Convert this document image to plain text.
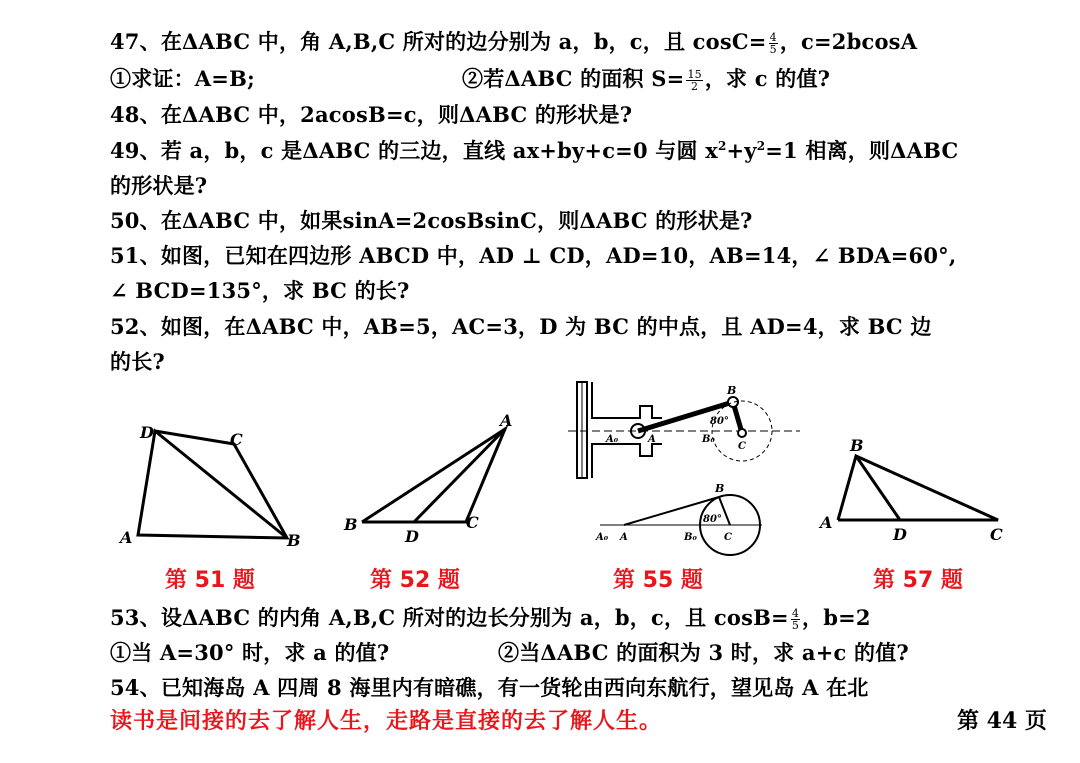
47、在ΔABC 中，角 A,B,C 所对的边分别为 a，b，c，且 $\cos C= \frac{4}{5}$ ，c=2bcosA
①求证：A=B;	②若ΔABC 的面积 $S= \frac{15}{2}$ ，求 c 的值?
48、在ΔABC 中，2acosB=c，则ΔABC 的形状是?
49、若 a，b，c 是ΔABC 的三边，直线 ax+by+c=0 与圆 $x^2+y^2=1$ 相离，则ΔABC
的形状是?
50、在ΔABC 中，如果sinA=2cosBsinC，则ΔABC 的形状是?
51、如图，已知在四边形 ABCD 中，AD ⊥ CD，AD=10，AB=14，∠ BDA=60°,
∠ BCD=135°，求 BC 的长?
52、如图，在ΔABC 中，AB=5，AC=3，D 为 BC 的中点，且 AD=4，求 BC 边
的长?
D	C
A	B
A
B
D
C
B
80°
A₀	A	B₀
C
B
80°
A₀ A	B₀	C
B
A
D	C
第 51 题	第 52 题	第 55 题	第 57 题
53、设ΔABC 的内角 A,B,C 所对的边长分别为 a，b，c，且 $\cos B= \frac{4}{5}$ ，b=2
①当 A=30° 时，求 a 的值?	②当ΔABC 的面积为 3 时，求 a+c 的值?
54、已知海岛 A 四周 8 海里内有暗礁，有一货轮由西向东航行，望见岛 A 在北
读书是间接的去了解人生，走路是直接的去了解人生。	第 44 页
